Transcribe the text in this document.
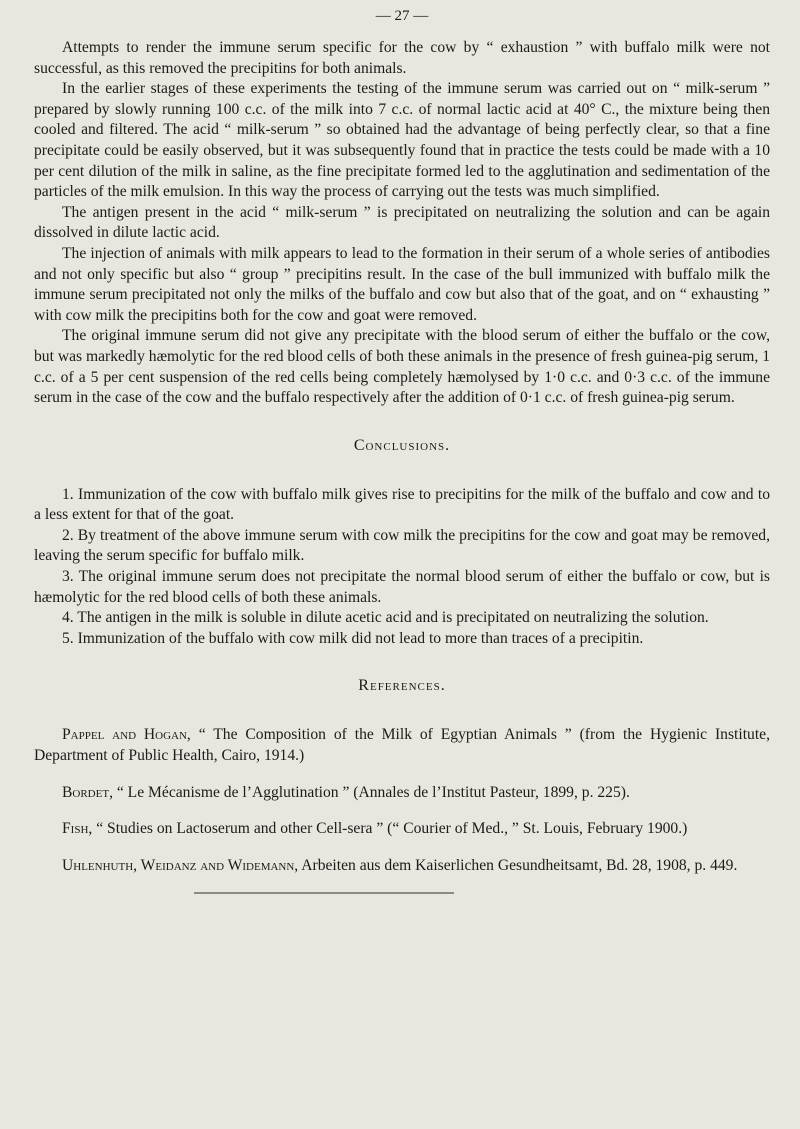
— 27 —

Attempts to render the immune serum specific for the cow by “ exhaustion ” with buffalo milk were not successful, as this removed the precipitins for both animals.

In the earlier stages of these experiments the testing of the immune serum was carried out on “ milk-serum ” prepared by slowly running 100 c.c. of the milk into 7 c.c. of normal lactic acid at 40° C., the mixture being then cooled and filtered. The acid “ milk-serum ” so obtained had the advantage of being perfectly clear, so that a fine precipitate could be easily observed, but it was subsequently found that in practice the tests could be made with a 10 per cent dilution of the milk in saline, as the fine precipitate formed led to the agglutination and sedimentation of the particles of the milk emulsion. In this way the process of carrying out the tests was much simplified.

The antigen present in the acid “ milk-serum ” is precipitated on neutralizing the solution and can be again dissolved in dilute lactic acid.

The injection of animals with milk appears to lead to the formation in their serum of a whole series of antibodies and not only specific but also “ group ” precipitins result. In the case of the bull immunized with buffalo milk the immune serum precipitated not only the milks of the buffalo and cow but also that of the goat, and on “ exhausting ” with cow milk the precipitins both for the cow and goat were removed.

The original immune serum did not give any precipitate with the blood serum of either the buffalo or the cow, but was markedly hæmolytic for the red blood cells of both these animals in the presence of fresh guinea-pig serum, 1 c.c. of a 5 per cent suspension of the red cells being completely hæmolysed by 1·0 c.c. and 0·3 c.c. of the immune serum in the case of the cow and the buffalo respectively after the addition of 0·1 c.c. of fresh guinea-pig serum.

Conclusions.
1. Immunization of the cow with buffalo milk gives rise to precipitins for the milk of the buffalo and cow and to a less extent for that of the goat.
2. By treatment of the above immune serum with cow milk the precipitins for the cow and goat may be removed, leaving the serum specific for buffalo milk.
3. The original immune serum does not precipitate the normal blood serum of either the buffalo or cow, but is hæmolytic for the red blood cells of both these animals.
4. The antigen in the milk is soluble in dilute acetic acid and is precipitated on neutralizing the solution.
5. Immunization of the buffalo with cow milk did not lead to more than traces of a precipitin.
References.
Pappel and Hogan, “ The Composition of the Milk of Egyptian Animals ” (from the Hygienic Institute, Department of Public Health, Cairo, 1914.)
Bordet, “ Le Mécanisme de l’Agglutination ” (Annales de l’Institut Pasteur, 1899, p. 225).
Fish, “ Studies on Lactoserum and other Cell-sera ” (“ Courier of Med., ” St. Louis, February 1900.)
Uhlenhuth, Weidanz and Widemann, Arbeiten aus dem Kaiserlichen Gesundheitsamt, Bd. 28, 1908, p. 449.
